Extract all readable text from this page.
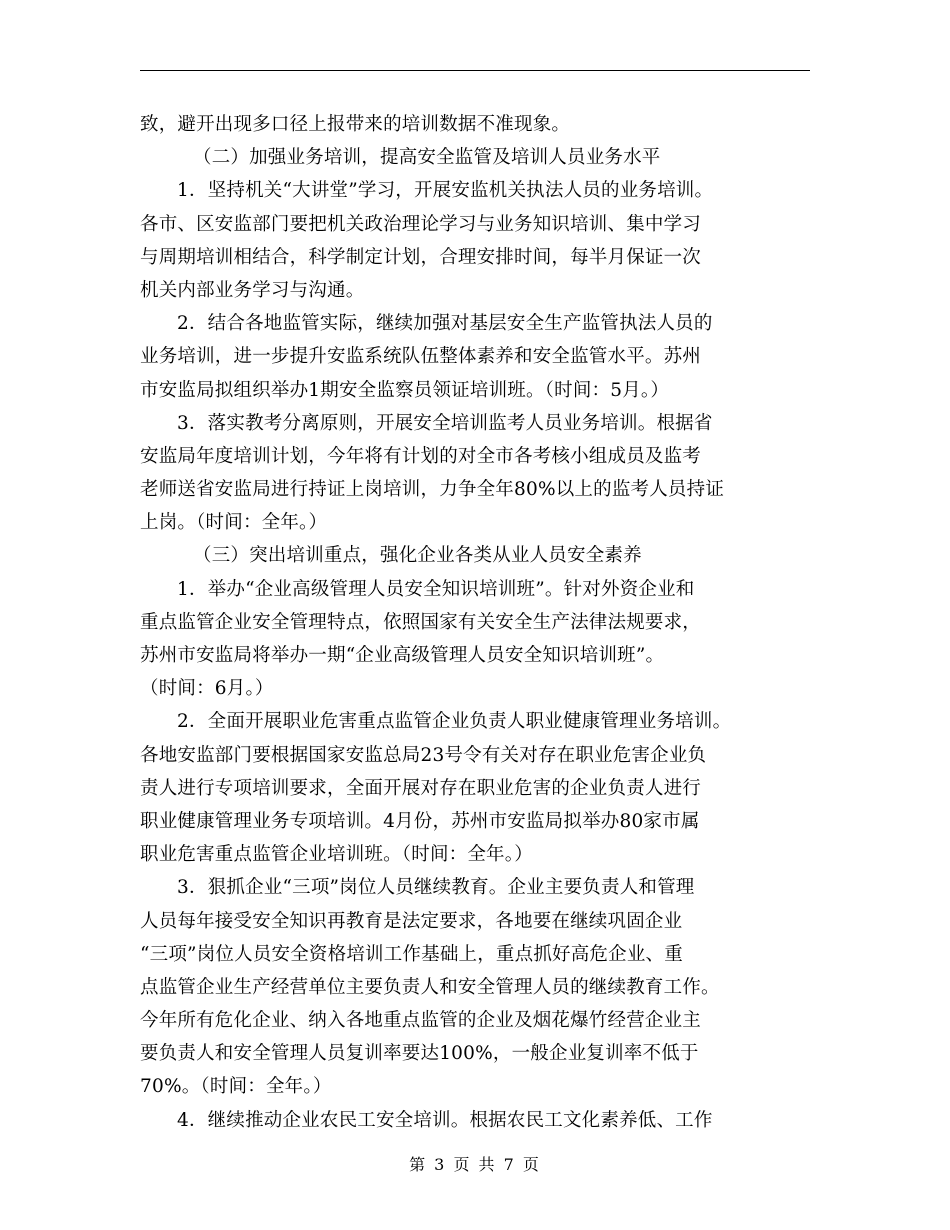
致，避开出现多口径上报带来的培训数据不准现象。
（二）加强业务培训，提高安全监管及培训人员业务水平
1．坚持机关“大讲堂”学习，开展安监机关执法人员的业务培训。
各市、区安监部门要把机关政治理论学习与业务知识培训、集中学习
与周期培训相结合，科学制定计划，合理安排时间，每半月保证一次
机关内部业务学习与沟通。
2．结合各地监管实际，继续加强对基层安全生产监管执法人员的
业务培训，进一步提升安监系统队伍整体素养和安全监管水平。苏州
市安监局拟组织举办1期安全监察员领证培训班。（时间：5月。）
3．落实教考分离原则，开展安全培训监考人员业务培训。根据省
安监局年度培训计划，今年将有计划的对全市各考核小组成员及监考
老师送省安监局进行持证上岗培训，力争全年80%以上的监考人员持证
上岗。（时间：全年。）
（三）突出培训重点，强化企业各类从业人员安全素养
1．举办“企业高级管理人员安全知识培训班”。针对外资企业和
重点监管企业安全管理特点，依照国家有关安全生产法律法规要求，
苏州市安监局将举办一期“企业高级管理人员安全知识培训班”。
（时间：6月。）
2．全面开展职业危害重点监管企业负责人职业健康管理业务培训。
各地安监部门要根据国家安监总局23号令有关对存在职业危害企业负
责人进行专项培训要求，全面开展对存在职业危害的企业负责人进行
职业健康管理业务专项培训。4月份，苏州市安监局拟举办80家市属
职业危害重点监管企业培训班。（时间：全年。）
3．狠抓企业“三项”岗位人员继续教育。企业主要负责人和管理
人员每年接受安全知识再教育是法定要求，各地要在继续巩固企业
“三项”岗位人员安全资格培训工作基础上，重点抓好高危企业、重
点监管企业生产经营单位主要负责人和安全管理人员的继续教育工作。
今年所有危化企业、纳入各地重点监管的企业及烟花爆竹经营企业主
要负责人和安全管理人员复训率要达100%，一般企业复训率不低于
70%。（时间：全年。）
4．继续推动企业农民工安全培训。根据农民工文化素养低、工作
第 3 页 共 7 页
